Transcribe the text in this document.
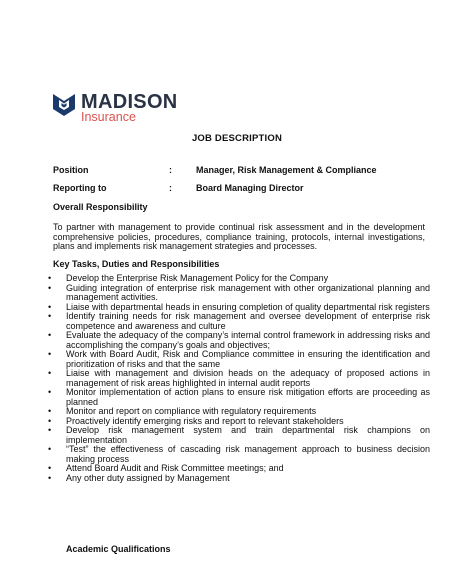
MADISON
Insurance
JOB DESCRIPTION
Position	:	Manager, Risk Management & Compliance
Reporting to	:	Board Managing Director
Overall Responsibility
To partner with management to provide continual risk assessment and in the development comprehensive policies, procedures, compliance training, protocols, internal investigations, plans and implements risk management strategies and processes.
Key Tasks, Duties and Responsibilities
• Develop the Enterprise Risk Management Policy for the Company
• Guiding integration of enterprise risk management with other organizational planning and management activities.
• Liaise with departmental heads in ensuring completion of quality departmental risk registers
• Identify training needs for risk management and oversee development of enterprise risk competence and awareness and culture
• Evaluate the adequacy of the company’s internal control framework in addressing risks and accomplishing the company’s goals and objectives;
• Work with Board Audit, Risk and Compliance committee in ensuring the identification and prioritization of risks and that the same
• Liaise with management and division heads on the adequacy of proposed actions in management of risk areas highlighted in internal audit reports
• Monitor implementation of action plans to ensure risk mitigation efforts are proceeding as planned
• Monitor and report on compliance with regulatory requirements
• Proactively identify emerging risks and report to relevant stakeholders
• Develop risk management system and train departmental risk champions on implementation
• “Test” the effectiveness of cascading risk management approach to business decision making process
• Attend Board Audit and Risk Committee meetings; and
• Any other duty assigned by Management
Academic Qualifications
